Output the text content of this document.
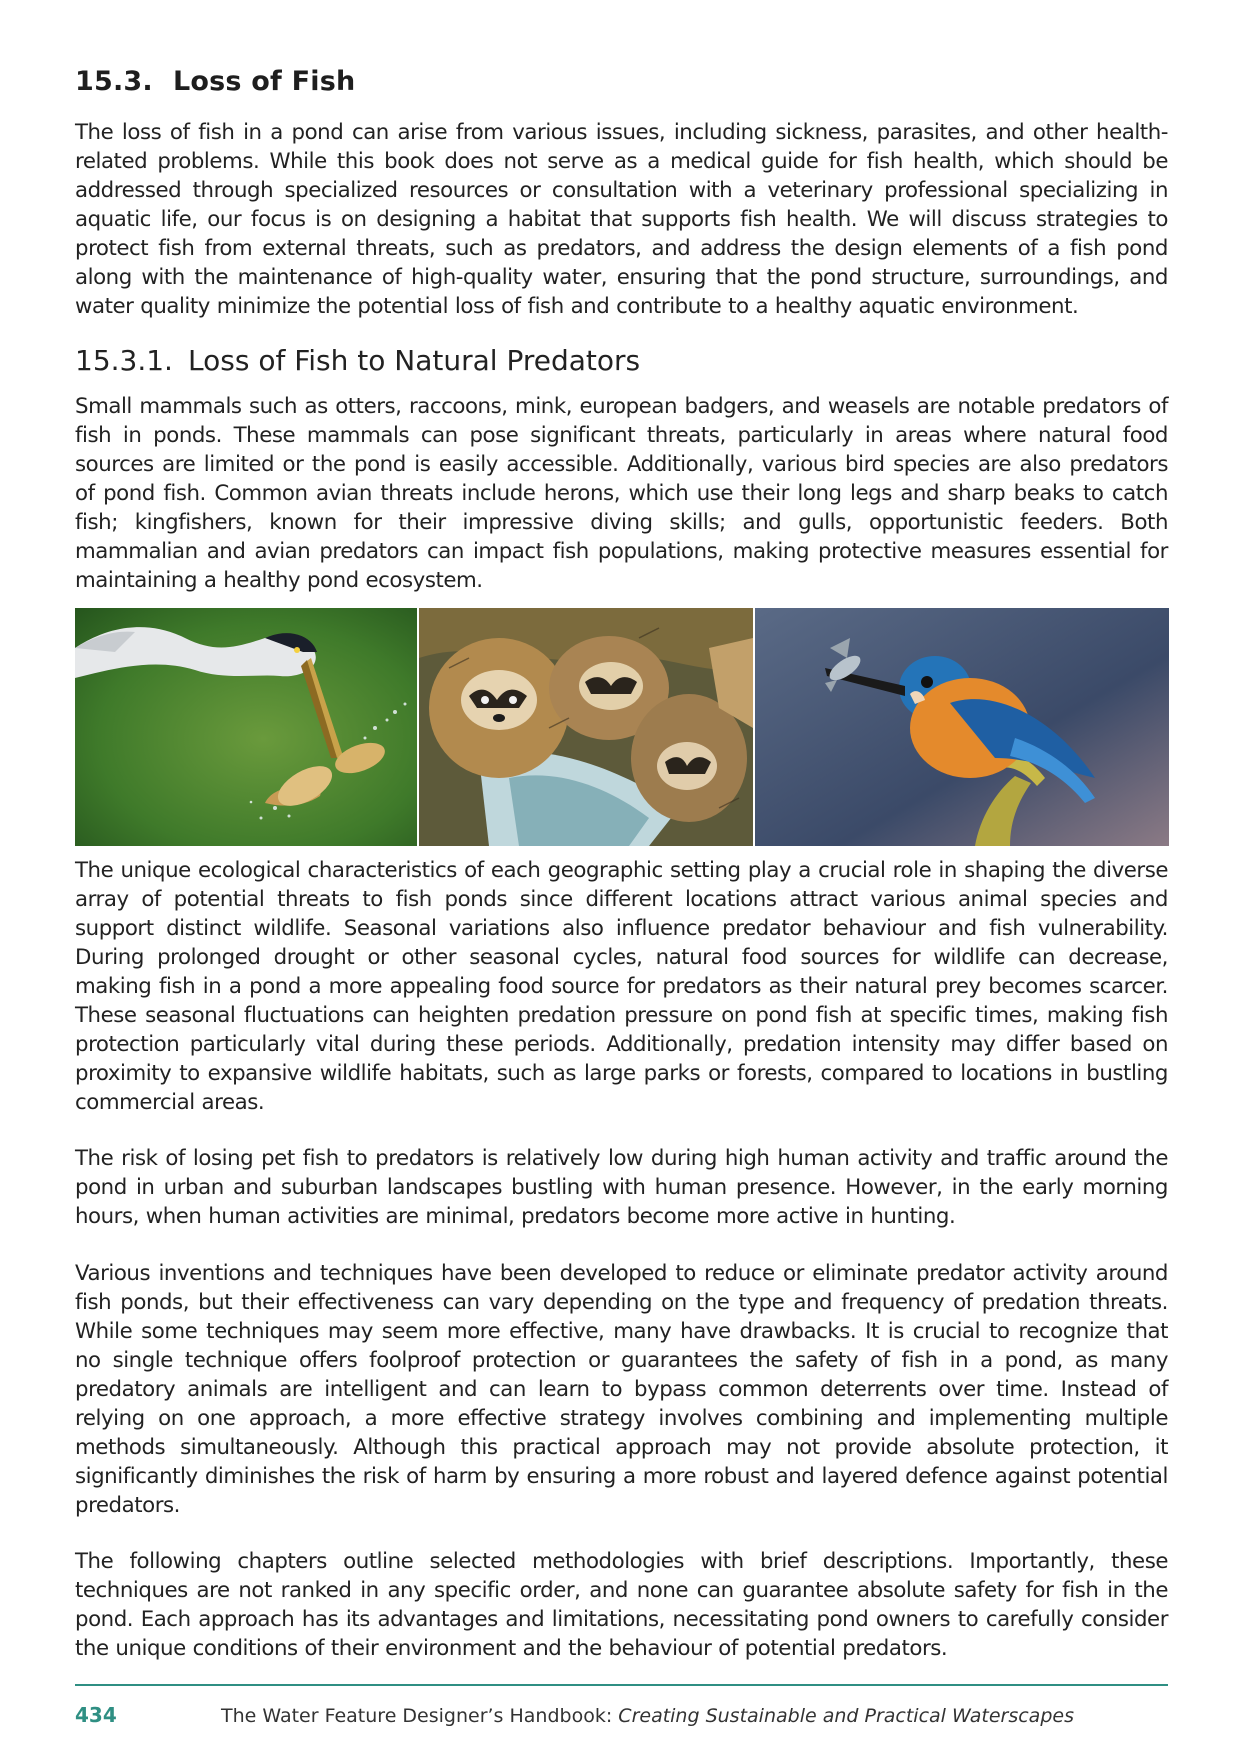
15.3. Loss of Fish

The loss of fish in a pond can arise from various issues, including sickness, parasites, and other health-related problems. While this book does not serve as a medical guide for fish health, which should be addressed through specialized resources or consultation with a veterinary professional specializing in aquatic life, our focus is on designing a habitat that supports fish health. We will discuss strategies to protect fish from external threats, such as predators, and address the design elements of a fish pond along with the maintenance of high-quality water, ensuring that the pond structure, surroundings, and water quality minimize the potential loss of fish and contribute to a healthy aquatic environment.

15.3.1. Loss of Fish to Natural Predators

Small mammals such as otters, raccoons, mink, european badgers, and weasels are notable predators of fish in ponds. These mammals can pose significant threats, particularly in areas where natural food sources are limited or the pond is easily accessible. Additionally, various bird species are also predators of pond fish. Common avian threats include herons, which use their long legs and sharp beaks to catch fish; kingfishers, known for their impressive diving skills; and gulls, opportunistic feeders. Both mammalian and avian predators can impact fish populations, making protective measures essential for maintaining a healthy pond ecosystem.

The unique ecological characteristics of each geographic setting play a crucial role in shaping the diverse array of potential threats to fish ponds since different locations attract various animal species and support distinct wildlife. Seasonal variations also influence predator behaviour and fish vulnerability. During prolonged drought or other seasonal cycles, natural food sources for wildlife can decrease, making fish in a pond a more appealing food source for predators as their natural prey becomes scarcer. These seasonal fluctuations can heighten predation pressure on pond fish at specific times, making fish protection particularly vital during these periods. Additionally, predation intensity may differ based on proximity to expansive wildlife habitats, such as large parks or forests, compared to locations in bustling commercial areas.

The risk of losing pet fish to predators is relatively low during high human activity and traffic around the pond in urban and suburban landscapes bustling with human presence. However, in the early morning hours, when human activities are minimal, predators become more active in hunting.

Various inventions and techniques have been developed to reduce or eliminate predator activity around fish ponds, but their effectiveness can vary depending on the type and frequency of predation threats. While some techniques may seem more effective, many have drawbacks. It is crucial to recognize that no single technique offers foolproof protection or guarantees the safety of fish in a pond, as many predatory animals are intelligent and can learn to bypass common deterrents over time. Instead of relying on one approach, a more effective strategy involves combining and implementing multiple methods simultaneously. Although this practical approach may not provide absolute protection, it significantly diminishes the risk of harm by ensuring a more robust and layered defence against potential predators.

The following chapters outline selected methodologies with brief descriptions. Importantly, these techniques are not ranked in any specific order, and none can guarantee absolute safety for fish in the pond. Each approach has its advantages and limitations, necessitating pond owners to carefully consider the unique conditions of their environment and the behaviour of potential predators.

434	The Water Feature Designer’s Handbook: Creating Sustainable and Practical Waterscapes
